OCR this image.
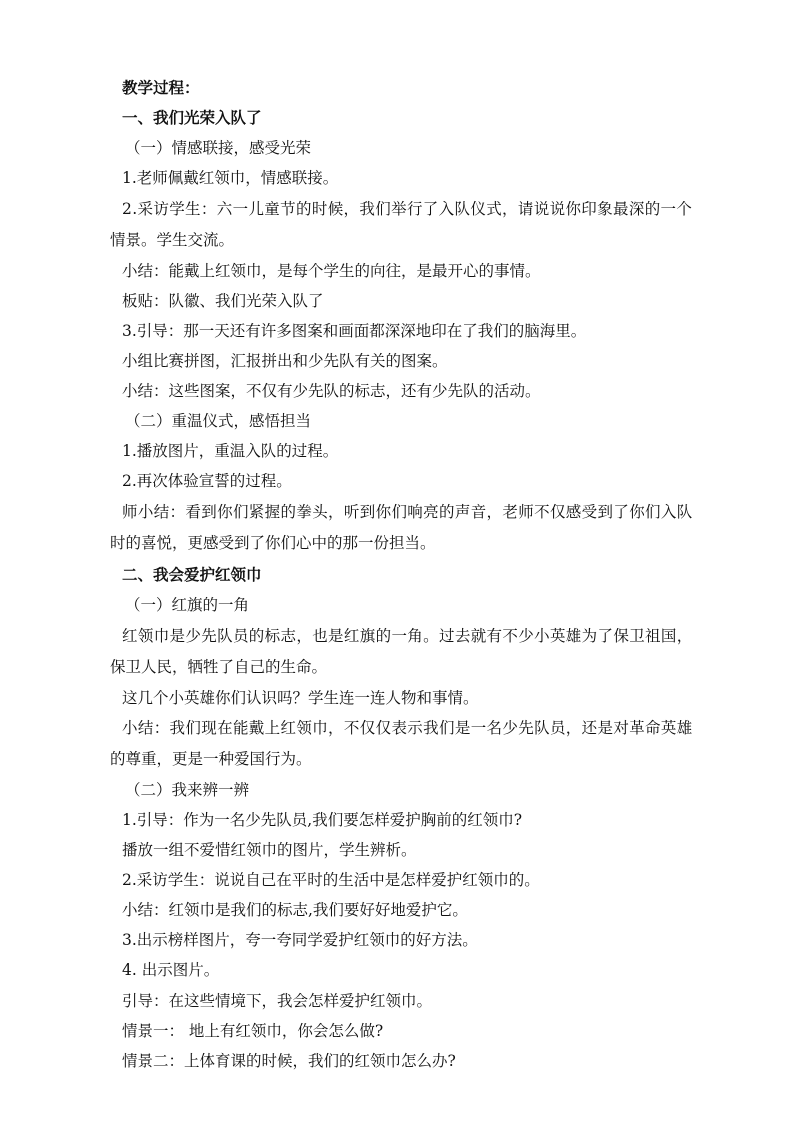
教学过程：
一、我们光荣入队了
（一）情感联接，感受光荣
1.老师佩戴红领巾，情感联接。
2.采访学生：六一儿童节的时候，我们举行了入队仪式，请说说你印象最深的一个
情景。学生交流。
小结：能戴上红领巾，是每个学生的向往，是最开心的事情。
板贴：队徽、我们光荣入队了
3.引导：那一天还有许多图案和画面都深深地印在了我们的脑海里。
小组比赛拼图，汇报拼出和少先队有关的图案。
小结：这些图案，不仅有少先队的标志，还有少先队的活动。
（二）重温仪式，感悟担当
1.播放图片，重温入队的过程。
2.再次体验宣誓的过程。
师小结：看到你们紧握的拳头，听到你们响亮的声音，老师不仅感受到了你们入队
时的喜悦，更感受到了你们心中的那一份担当。
二、我会爱护红领巾
（一）红旗的一角
红领巾是少先队员的标志，也是红旗的一角。过去就有不少小英雄为了保卫祖国，
保卫人民，牺牲了自己的生命。
这几个小英雄你们认识吗？学生连一连人物和事情。
小结：我们现在能戴上红领巾，不仅仅表示我们是一名少先队员，还是对革命英雄
的尊重，更是一种爱国行为。
（二）我来辨一辨
1.引导：作为一名少先队员,我们要怎样爱护胸前的红领巾?
播放一组不爱惜红领巾的图片，学生辨析。
2.采访学生：说说自己在平时的生活中是怎样爱护红领巾的。
小结：红领巾是我们的标志,我们要好好地爱护它。
3.出示榜样图片，夸一夸同学爱护红领巾的好方法。
4. 出示图片。
引导：在这些情境下，我会怎样爱护红领巾。
情景一： 地上有红领巾，你会怎么做?
情景二：上体育课的时候，我们的红领巾怎么办?
